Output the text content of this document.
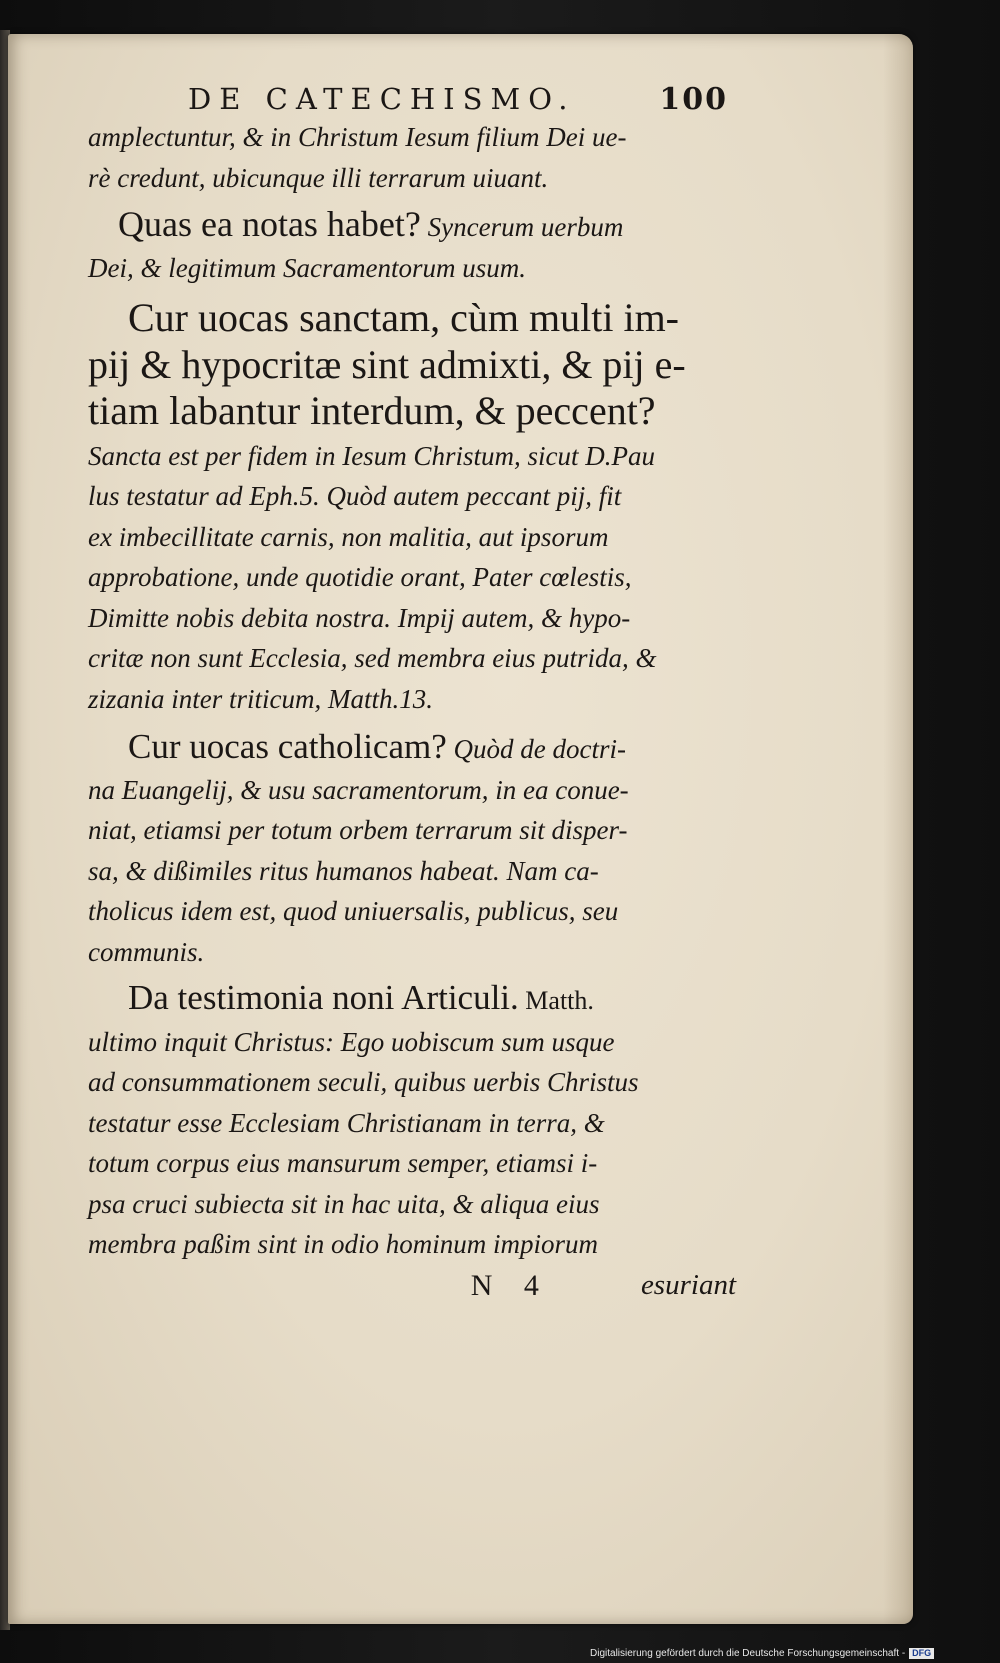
DE CATECHISMO.	100

amplectuntur, & in Christum Iesum filium Dei ue-
rè credunt, ubicunque illi terrarum uiuant.

Quas ea notas habet? Syncerum uerbum
Dei, & legitimum Sacramentorum usum.

Cur uocas sanctam, cùm multi im-
pij & hypocritæ sint admixti, & pij e-
tiam labantur interdum, & peccent?
Sancta est per fidem in Iesum Christum, sicut D.Pau
lus testatur ad Eph.5. Quòd autem peccant pij, fit
ex imbecillitate carnis, non malitia, aut ipsorum
approbatione, unde quotidie orant, Pater cœlestis,
Dimitte nobis debita nostra. Impij autem, & hypo-
critæ non sunt Ecclesia, sed membra eius putrida, &
zizania inter triticum, Matth.13.

Cur uocas catholicam? Quòd de doctri-
na Euangelij, & usu sacramentorum, in ea conue-
niat, etiamsi per totum orbem terrarum sit disper-
sa, & dißimiles ritus humanos habeat. Nam ca-
tholicus idem est, quod uniuersalis, publicus, seu
communis.

Da testimonia noni Articuli. Matth.
ultimo inquit Christus: Ego uobiscum sum usque
ad consummationem seculi, quibus uerbis Christus
testatur esse Ecclesiam Christianam in terra, &
totum corpus eius mansurum semper, etiamsi i-
psa cruci subiecta sit in hac uita, & aliqua eius
membra paßim sint in odio hominum impiorum

N 4	esuriant
Digitalisierung gefördert durch die Deutsche Forschungsgemeinschaft - DFG
